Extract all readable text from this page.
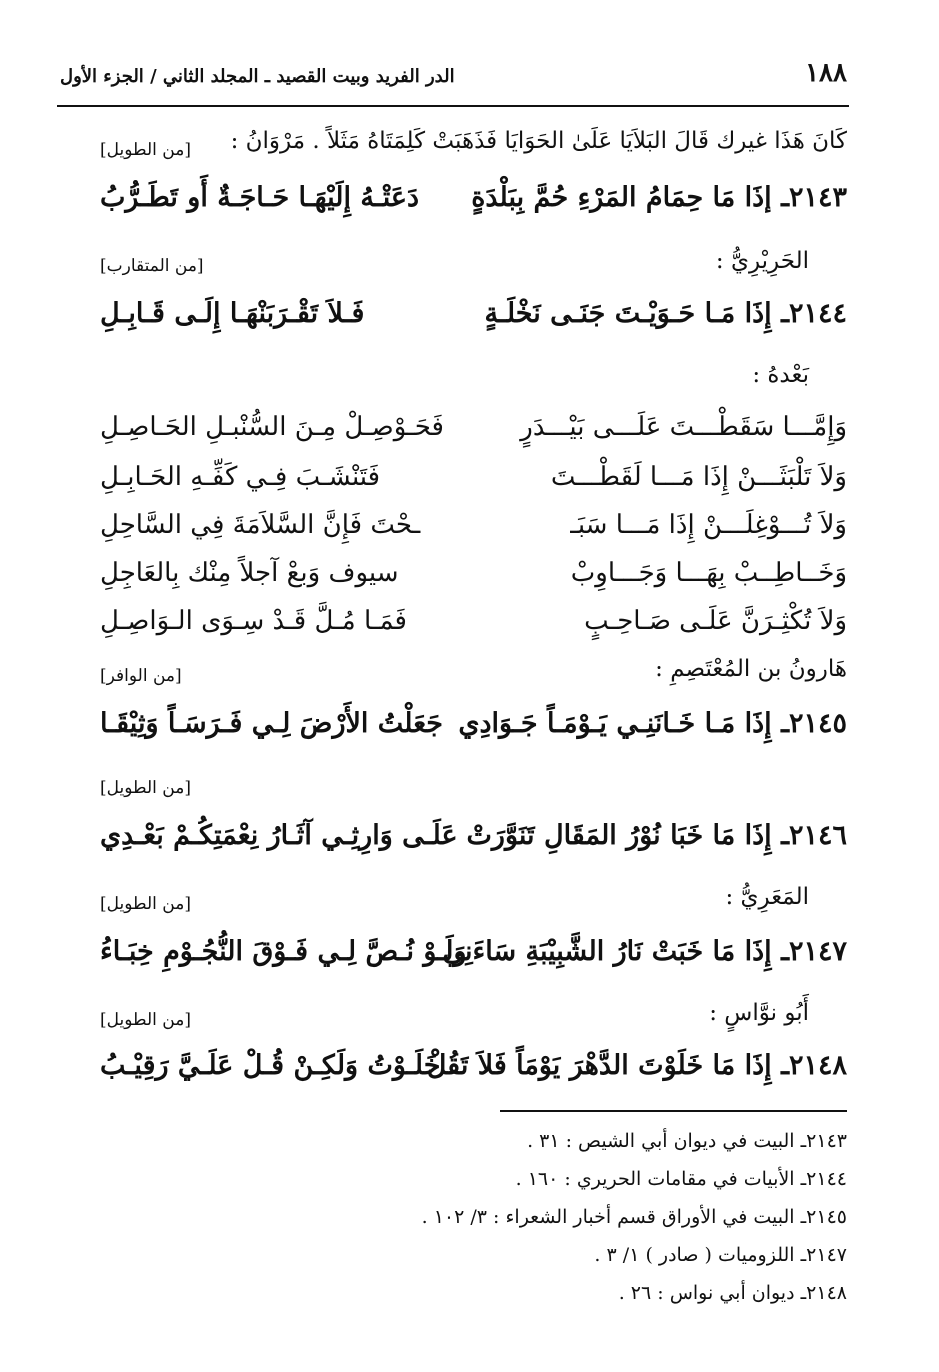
١٨٨
الدر الفريد وبيت القصيد ـ المجلد الثاني / الجزء الأول
كَانَ هَذَا غيرك قَالَ البَلاَيَا عَلَىٰ الحَوَايَا فَذَهَبَتْ كَلِمَتَاهُ مَثَلاً . مَرْوَانُ :
[من الطويل]
٢١٤٣ـ إذَا مَا حِمَامُ المَرْءِ حُمَّ بِبَلْدَةٍ
دَعَتْـهُ إِلَيْهَـا حَـاجَـةٌ أَو تَطَـرُّبُ
الحَرِيْرِيُّ :
[من المتقارب]
٢١٤٤ـ إِذَا مَـا حَـوَيْـتَ جَنَـى نَخْلَـةٍ
فَـلاَ تَقْـرَبَنْهَـا إِلَـى قَـابِـلِ
بَعْدهُ :
وَإِمَّـــا سَقَطْـــتَ عَلَـــى بَيْـــدَرٍ
فَحَـوْصِـلْ مِـنَ السُّنْبـلِ الحَـاصِـلِ
وَلاَ تَلْبَثَـــنْ إِذَا مَـــا لَقَطْـــتَ
فَتَنْشَـبَ فِـي كَفِّـهِ الحَـابِـلِ
وَلاَ تُـــوْغِلَـــنْ إِذَا مَـــا سَبَـ
ـحْتَ فَإِنَّ السَّلاَمَةَ فِي السَّاحِلِ
وَخَــاطِــبْ بِهَـــا وَجَـــاوِبْ
سيوف وَبعْ آجلاً مِنْك بِالعَاجِلِ
وَلاَ تُكْثِـرَنَّ عَلَـى صَـاحِـبٍ
فَمَـا مُـلَّ قَـدْ سِـوَى الـوَاصِـلِ
هَارونُ بن المُعْتَصِمِ :
[من الوافر]
٢١٤٥ـ إِذَا مَـا خَـانَنِـي يَـوْمَـاً جَـوَادِي
جَعَلْتُ الأَرْضَ لِـي فَـرَسَـاً وَثِيْقَـا
[من الطويل]
٢١٤٦ـ إِذَا مَا خَبَا نُوْرُ المَقَالِ تَنَوَّرَتْ
عَلَـى وَارِثِـي آثَـارُ نِعْمَتِكُـمْ بَعْـدِي
المَعَرِيُّ :
[من الطويل]
٢١٤٧ـ إِذَا مَا خَبَتْ نَارُ الشَّبِيْبَةِ سَاءَنِي
وَلَـوْ نُـصَّ لِـي فَـوْقَ النُّجُـوْمِ خِبَـاءُ
أَبُو نوَّاسٍ :
[من الطويل]
٢١٤٨ـ إِذَا مَا خَلَوْتَ الدَّهْرَ يَوْمَاً فَلاَ تَقُلْ
خَلَـوْتُ وَلَكِـنْ قُـلْ عَلَـيَّ رَقِيْـبُ
٢١٤٣ـ البيت في ديوان أبي الشيص : ٣١ .
٢١٤٤ـ الأبيات في مقامات الحريري : ١٦٠ .
٢١٤٥ـ البيت في الأوراق قسم أخبار الشعراء : ٣/ ١٠٢ .
٢١٤٧ـ اللزوميات ( صادر ) ١/ ٣ .
٢١٤٨ـ ديوان أبي نواس : ٢٦ .
